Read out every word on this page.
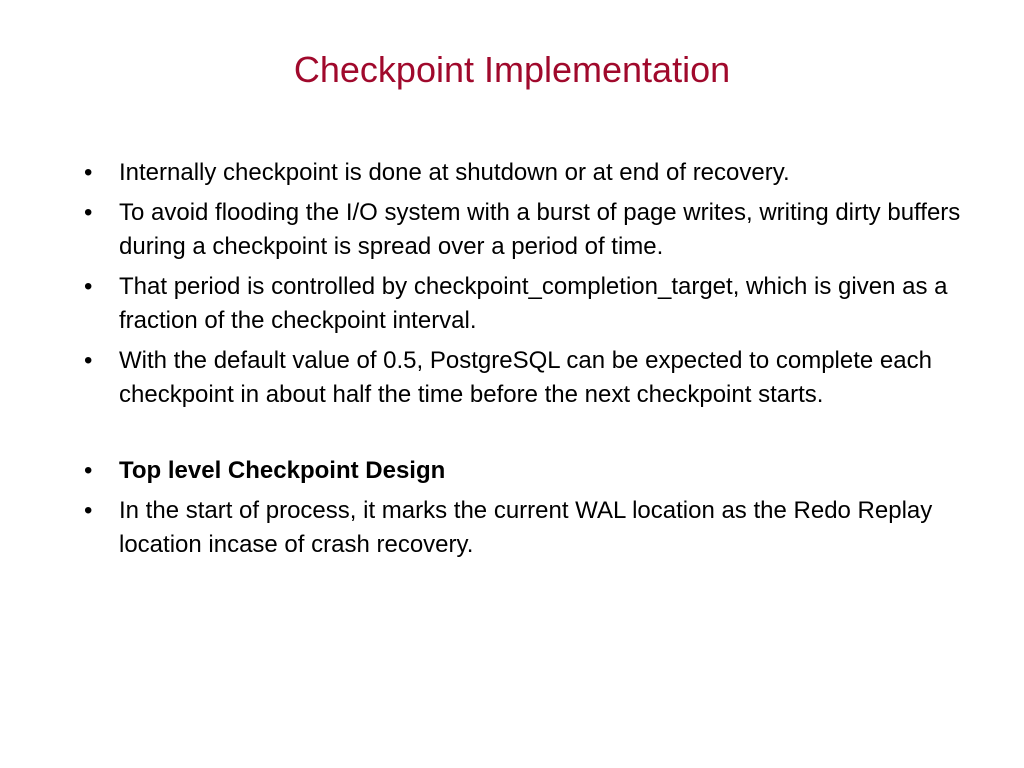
Checkpoint Implementation
•	Internally checkpoint is done at shutdown or at end of recovery.
•	To avoid flooding the I/O system with a burst of page writes, writing dirty buffers during a checkpoint is spread over a period of time.
•	That period is controlled by checkpoint_completion_target, which is given as a fraction of the checkpoint interval.
•	With the default value of 0.5, PostgreSQL can be expected to complete each checkpoint in about half the time before the next checkpoint starts.
•	Top level Checkpoint Design
•	In the start of process, it marks the current WAL location as the Redo Replay location incase of crash recovery.
